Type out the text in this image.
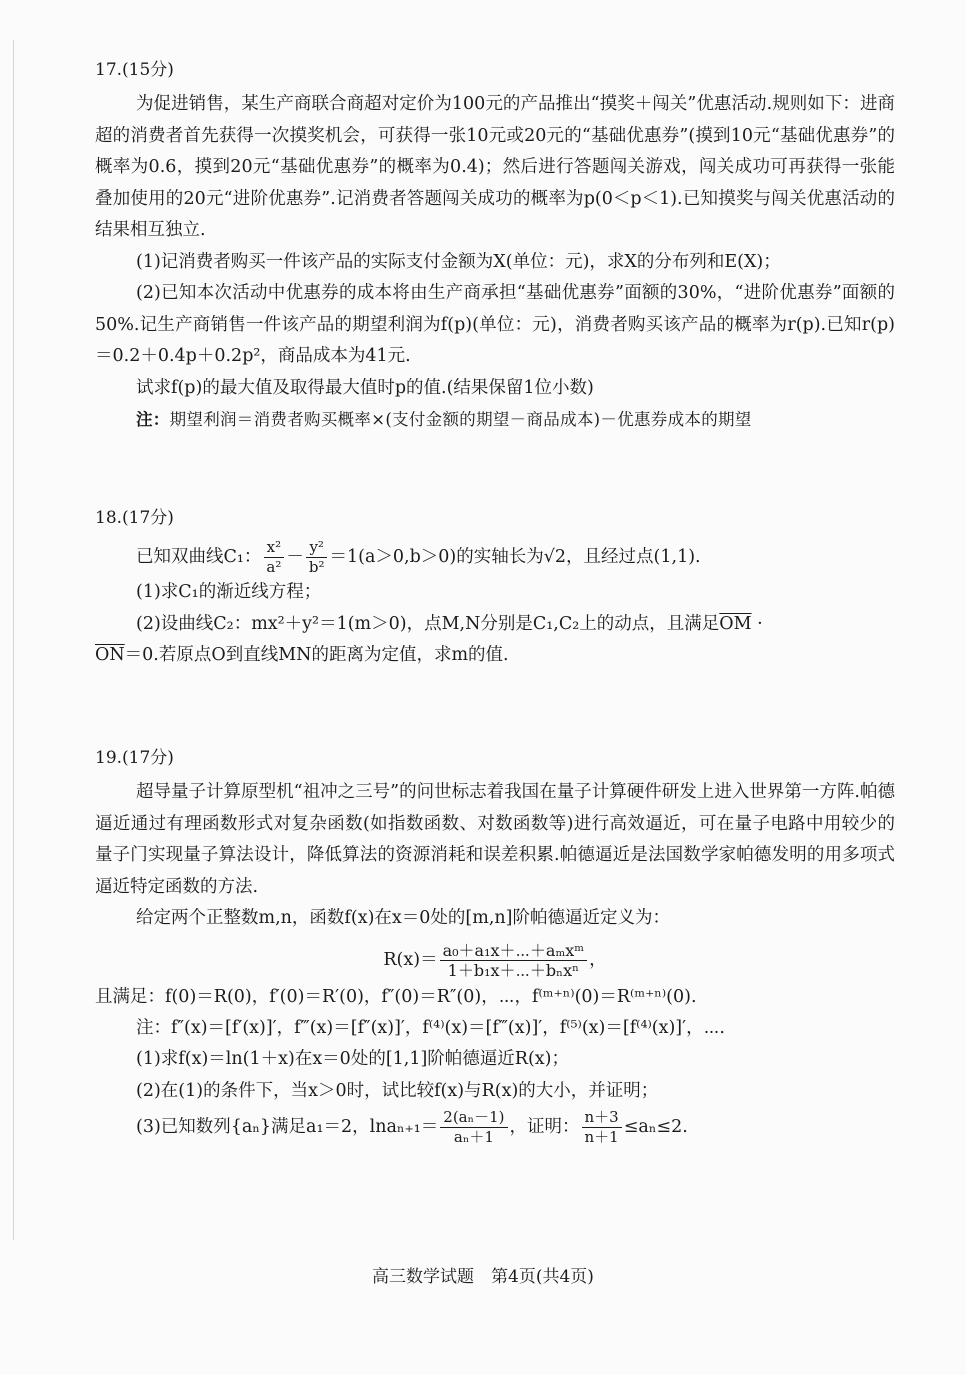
17.(15分)

为促进销售，某生产商联合商超对定价为100元的产品推出“摸奖＋闯关”优惠活动.规则如下：进商超的消费者首先获得一次摸奖机会，可获得一张10元或20元的“基础优惠券”(摸到10元“基础优惠券”的概率为0.6，摸到20元“基础优惠券”的概率为0.4)；然后进行答题闯关游戏，闯关成功可再获得一张能叠加使用的20元“进阶优惠券”.记消费者答题闯关成功的概率为p(0＜p＜1).已知摸奖与闯关优惠活动的结果相互独立.

(1)记消费者购买一件该产品的实际支付金额为X(单位：元)，求X的分布列和E(X)；

(2)已知本次活动中优惠券的成本将由生产商承担“基础优惠券”面额的30%，“进阶优惠券”面额的50%.记生产商销售一件该产品的期望利润为f(p)(单位：元)，消费者购买该产品的概率为r(p).已知r(p)＝0.2＋0.4p＋0.2p²，商品成本为41元.

试求f(p)的最大值及取得最大值时p的值.(结果保留1位小数)

注：期望利润＝消费者购买概率×(支付金额的期望－商品成本)－优惠券成本的期望

18.(17分)

已知双曲线C₁： $\frac{\text{x²}}{\text{a²}} - \frac{\text{y²}}{\text{b²}} =1(a>0,b>0)$的实轴长为√2，且经过点(1,1).

(1)求C₁的渐近线方程；

(2)设曲线C₂：mx²＋y²＝1(m＞0)，点M,N分别是C₁,C₂上的动点，且满足$\overline{OM}$ ·
$\overline{ON}=0$.若原点O到直线MN的距离为定值，求m的值.

19.(17分)

超导量子计算原型机“祖冲之三号”的问世标志着我国在量子计算硬件研发上进入世界第一方阵.帕德逼近通过有理函数形式对复杂函数(如指数函数、对数函数等)进行高效逼近，可在量子电路中用较少的量子门实现量子算法设计，降低算法的资源消耗和误差积累.帕德逼近是法国数学家帕德发明的用多项式逼近特定函数的方法.

给定两个正整数m,n，函数f(x)在x＝0处的[m,n]阶帕德逼近定义为：

$R(x)= \frac{\text{a₀＋a₁x＋⋯＋aₘxᵐ}}{\text{1＋b₁x＋⋯＋bₙxⁿ}}$ ，

且满足：f(0)＝R(0)，f′(0)＝R′(0)，f″(0)＝R″(0)，⋯，f⁽ᵐ⁺ⁿ⁾(0)＝R⁽ᵐ⁺ⁿ⁾(0).

注：f″(x)＝[f′(x)]′，f‴(x)＝[f″(x)]′，f⁽⁴⁾(x)＝[f‴(x)]′，f⁽⁵⁾(x)＝[f⁽⁴⁾(x)]′，⋯.

(1)求f(x)＝ln(1＋x)在x＝0处的[1,1]阶帕德逼近R(x)；

(2)在(1)的条件下，当x＞0时，试比较f(x)与R(x)的大小，并证明；

(3)已知数列{aₙ}满足a₁＝2，$\ln a_{n+1}= \frac{\text{2(aₙ－1)}}{\text{aₙ＋1}}$ ，证明： $\frac{n+3}{n+1} \le a_n\le 2$.

高三数学试题　第4页(共4页)
